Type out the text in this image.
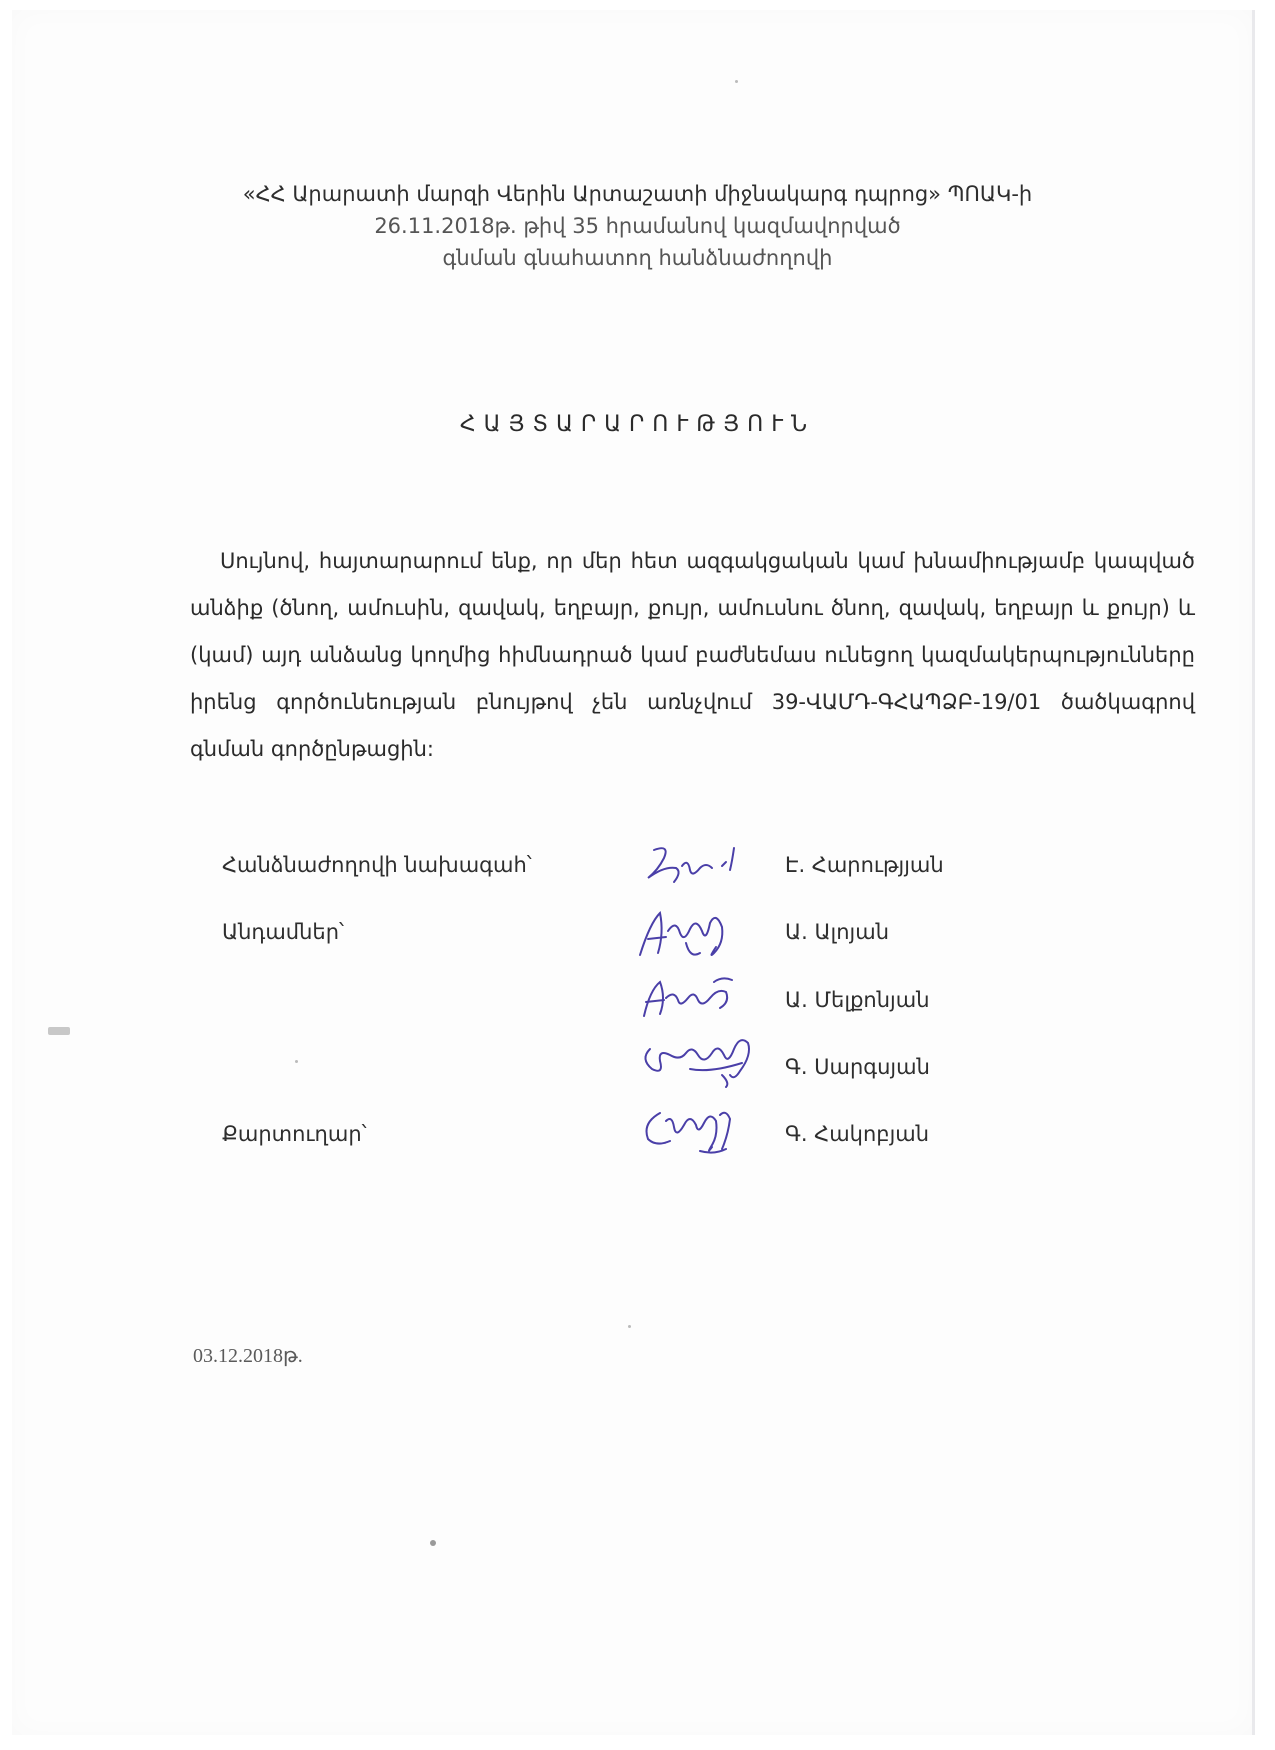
«ՀՀ Արարատի մարզի Վերին Արտաշատի միջնակարգ դպրոց» ՊՈԱԿ-ի
26.11.2018թ. թիվ 35 հրամանով կազմավորված
գնման գնահատող հանձնաժողովի
ՀԱՅՏԱՐԱՐՈՒԹՅՈՒՆ
Սույնով, հայտարարում ենք, որ մեր հետ ազգակցական կամ խնամիությամբ կապված անձիք (ծնող, ամուսին, զավակ, եղբայր, քույր, ամուսնու ծնող, զավակ, եղբայր և քույր) և (կամ) այդ անձանց կողմից հիմնադրած կամ բաժնեմաս ունեցող կազմակերպությունները իրենց գործունեության բնույթով չեն առնչվում 39-ՎԱՄԴ-ԳՀԱՊՁԲ-19/01 ծածկագրով գնման գործընթացին:
Հանձնաժողովի նախագահ՝
Անդամներ՝
Քարտուղար՝
Է. Հարությյան
Ա. Ալոյան
Ա. Մելքոնյան
Գ. Սարգսյան
Գ. Հակոբյան
03.12.2018թ.
